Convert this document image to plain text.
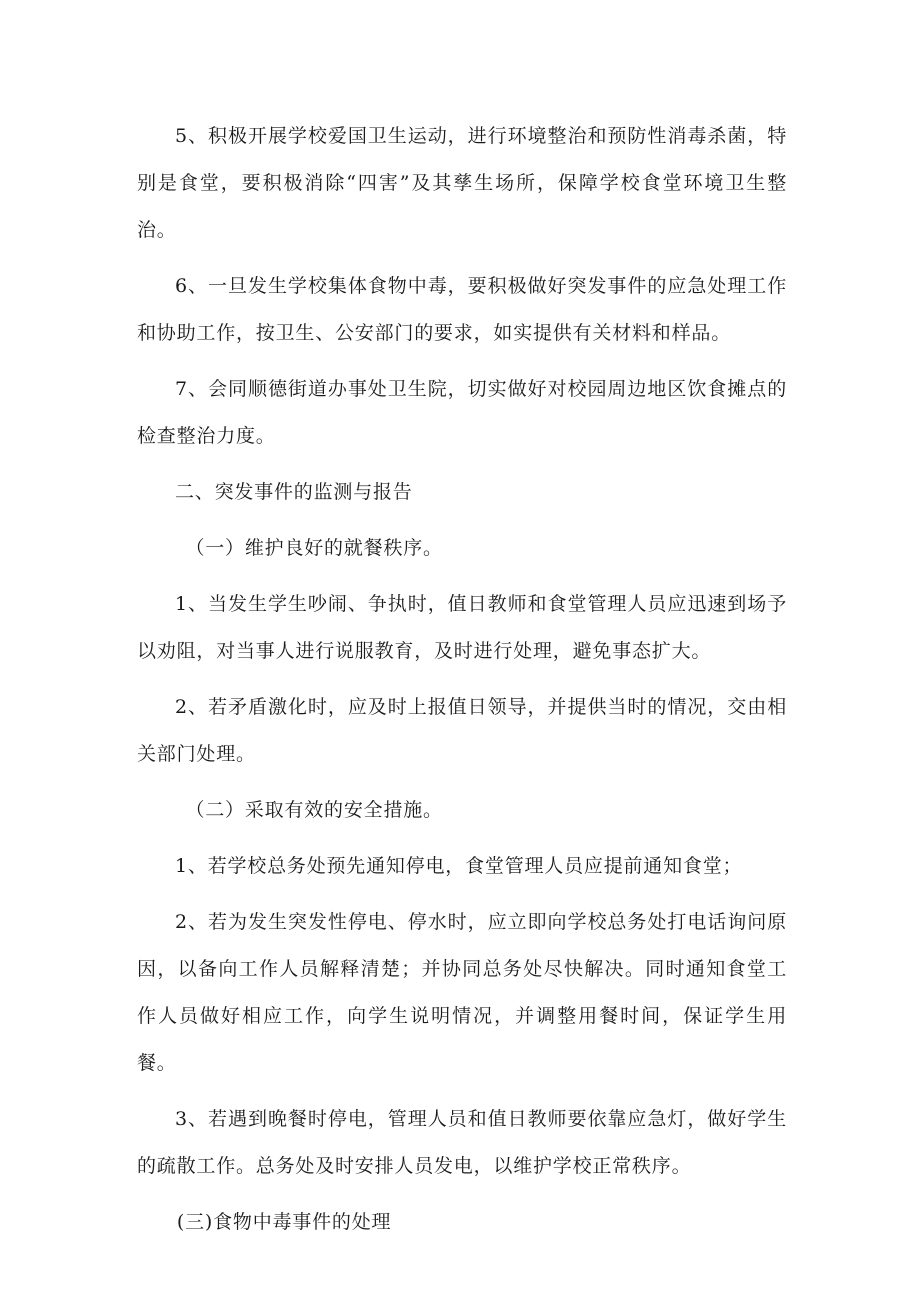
5、积极开展学校爱国卫生运动，进行环境整治和预防性消毒杀菌，特别是食堂，要积极消除“四害”及其孳生场所，保障学校食堂环境卫生整治。

6、一旦发生学校集体食物中毒，要积极做好突发事件的应急处理工作和协助工作，按卫生、公安部门的要求，如实提供有关材料和样品。

7、会同顺德街道办事处卫生院，切实做好对校园周边地区饮食摊点的检查整治力度。

二、突发事件的监测与报告

（一）维护良好的就餐秩序。

1、当发生学生吵闹、争执时，值日教师和食堂管理人员应迅速到场予以劝阻，对当事人进行说服教育，及时进行处理，避免事态扩大。

2、若矛盾激化时，应及时上报值日领导，并提供当时的情况，交由相关部门处理。

（二）采取有效的安全措施。

1、若学校总务处预先通知停电，食堂管理人员应提前通知食堂；

2、若为发生突发性停电、停水时，应立即向学校总务处打电话询问原因，以备向工作人员解释清楚；并协同总务处尽快解决。同时通知食堂工作人员做好相应工作，向学生说明情况，并调整用餐时间，保证学生用餐。

3、若遇到晚餐时停电，管理人员和值日教师要依靠应急灯，做好学生的疏散工作。总务处及时安排人员发电，以维护学校正常秩序。

(三)食物中毒事件的处理
